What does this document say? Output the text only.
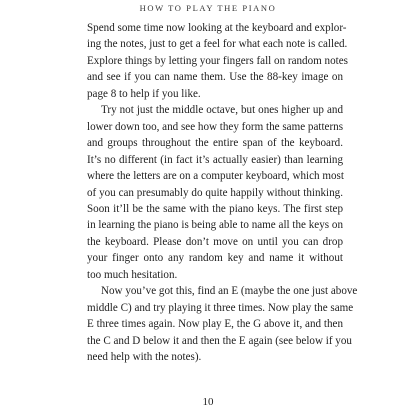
HOW TO PLAY THE PIANO

Spend some time now looking at the keyboard and explor-
ing the notes, just to get a feel for what each note is called.
Explore things by letting your fingers fall on random notes
and see if you can name them. Use the 88-key image on
page 8 to help if you like.

Try not just the middle octave, but ones higher up and
lower down too, and see how they form the same patterns
and groups throughout the entire span of the keyboard.
It’s no different (in fact it’s actually easier) than learning
where the letters are on a computer keyboard, which most
of you can presumably do quite happily without thinking.
Soon it’ll be the same with the piano keys. The first step
in learning the piano is being able to name all the keys on
the keyboard. Please don’t move on until you can drop
your finger onto any random key and name it without
too much hesitation.

Now you’ve got this, find an E (maybe the one just above
middle C) and try playing it three times. Now play the same
E three times again. Now play E, the G above it, and then
the C and D below it and then the E again (see below if you
need help with the notes).

10
